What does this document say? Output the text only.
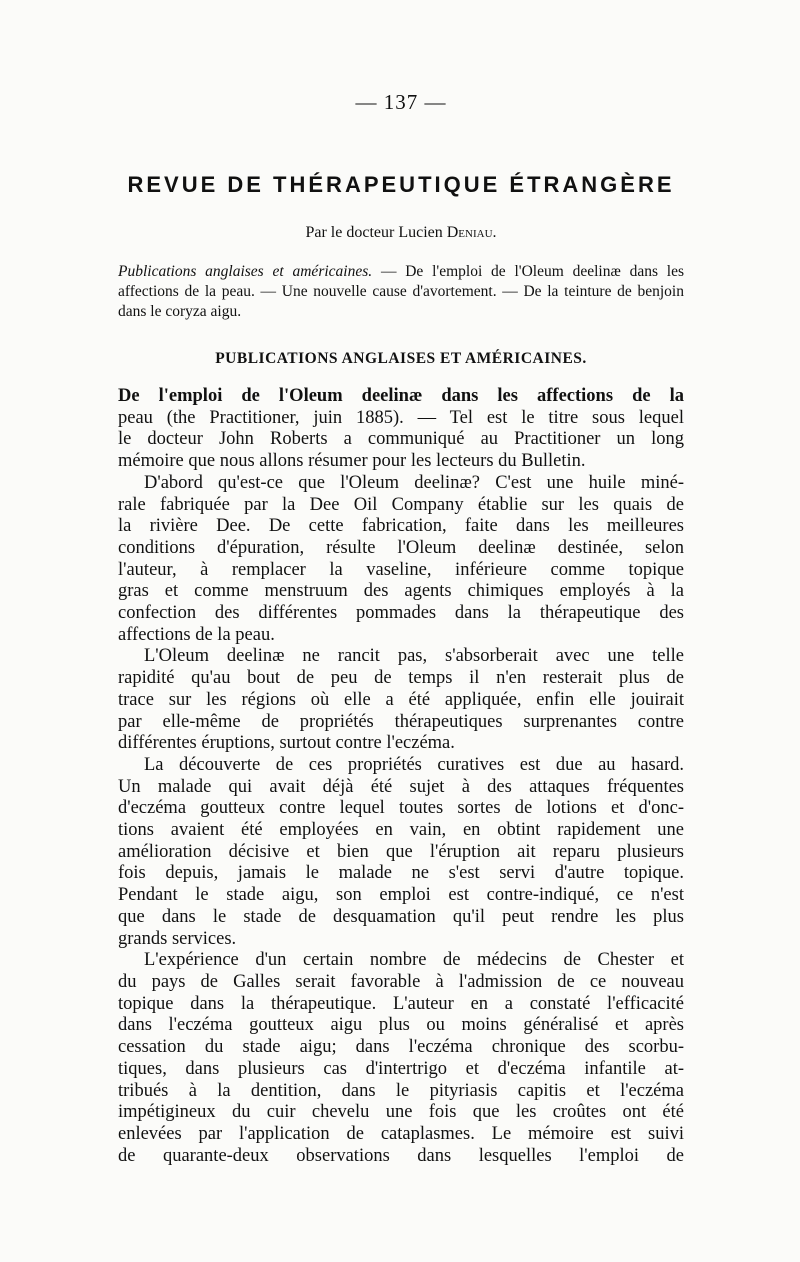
— 137 —
REVUE DE THÉRAPEUTIQUE ÉTRANGÈRE
Par le docteur Lucien Deniau.
Publications anglaises et américaines. — De l'emploi de l'Oleum deelinæ dans les affections de la peau. — Une nouvelle cause d'avortement. — De la teinture de benjoin dans le coryza aigu.
PUBLICATIONS ANGLAISES ET AMÉRICAINES.

De l'emploi de l'Oleum deelinæ dans les affections de la
peau (the Practitioner, juin 1885). — Tel est le titre sous lequel
le docteur John Roberts a communiqué au Practitioner un long
mémoire que nous allons résumer pour les lecteurs du Bulletin.

D'abord qu'est-ce que l'Oleum deelinæ? C'est une huile miné-
rale fabriquée par la Dee Oil Company établie sur les quais de
la rivière Dee. De cette fabrication, faite dans les meilleures
conditions d'épuration, résulte l'Oleum deelinæ destinée, selon
l'auteur, à remplacer la vaseline, inférieure comme topique
gras et comme menstruum des agents chimiques employés à la
confection des différentes pommades dans la thérapeutique des
affections de la peau.

L'Oleum deelinæ ne rancit pas, s'absorberait avec une telle
rapidité qu'au bout de peu de temps il n'en resterait plus de
trace sur les régions où elle a été appliquée, enfin elle jouirait
par elle-même de propriétés thérapeutiques surprenantes contre
différentes éruptions, surtout contre l'eczéma.

La découverte de ces propriétés curatives est due au hasard.
Un malade qui avait déjà été sujet à des attaques fréquentes
d'eczéma goutteux contre lequel toutes sortes de lotions et d'onc-
tions avaient été employées en vain, en obtint rapidement une
amélioration décisive et bien que l'éruption ait reparu plusieurs
fois depuis, jamais le malade ne s'est servi d'autre topique.
Pendant le stade aigu, son emploi est contre-indiqué, ce n'est
que dans le stade de desquamation qu'il peut rendre les plus
grands services.

L'expérience d'un certain nombre de médecins de Chester et
du pays de Galles serait favorable à l'admission de ce nouveau
topique dans la thérapeutique. L'auteur en a constaté l'efficacité
dans l'eczéma goutteux aigu plus ou moins généralisé et après
cessation du stade aigu; dans l'eczéma chronique des scorbu-
tiques, dans plusieurs cas d'intertrigo et d'eczéma infantile at-
tribués à la dentition, dans le pityriasis capitis et l'eczéma
impétigineux du cuir chevelu une fois que les croûtes ont été
enlevées par l'application de cataplasmes. Le mémoire est suivi
de quarante-deux observations dans lesquelles l'emploi de
